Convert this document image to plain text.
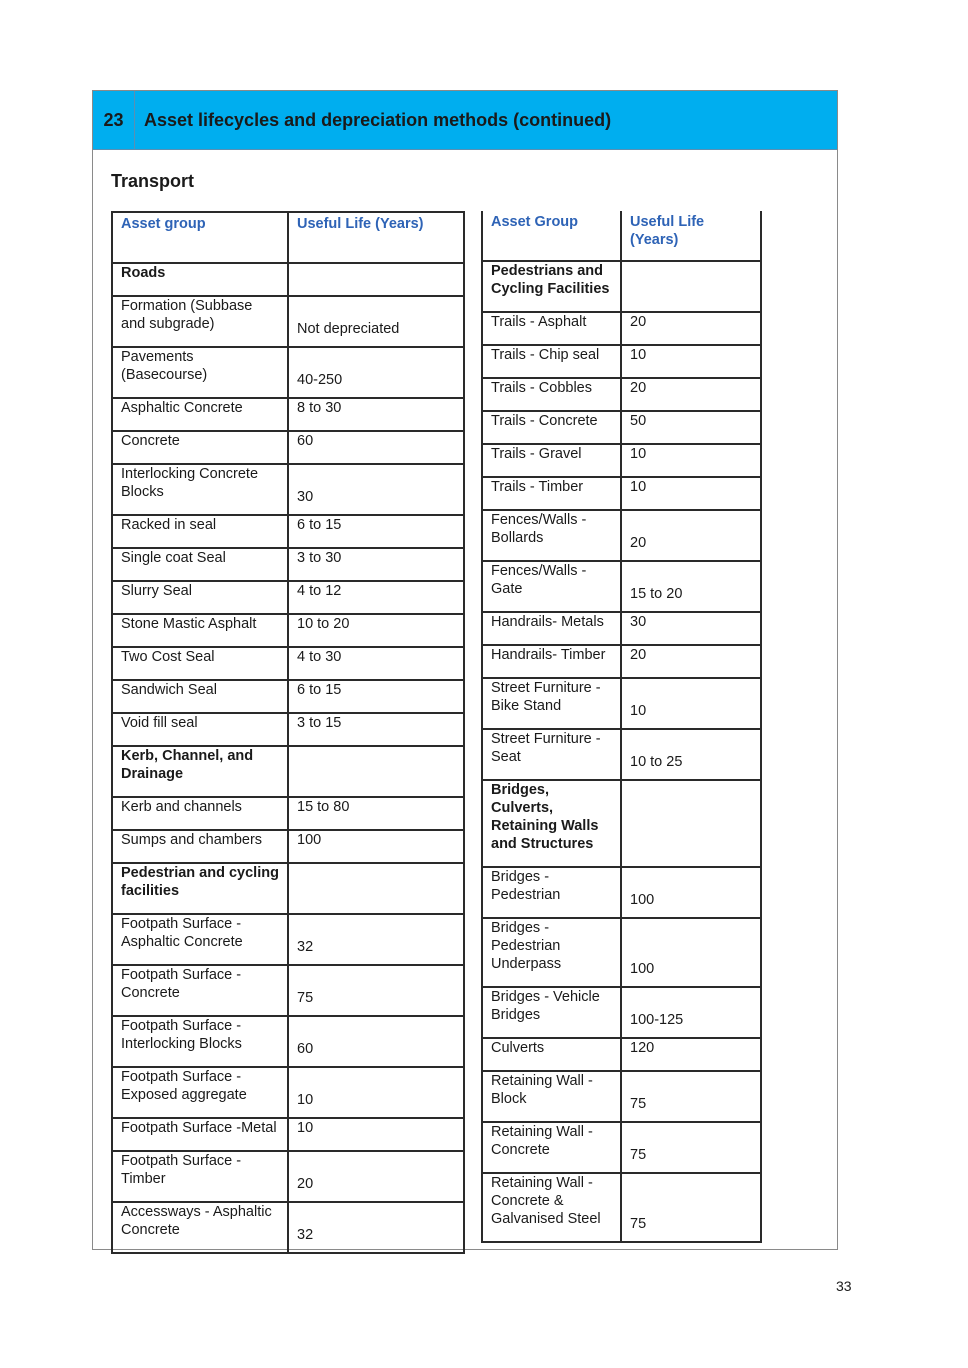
23	Asset lifecycles and depreciation methods (continued)
Transport
Asset group	Useful Life (Years)
Roads	
Formation (Subbase and subgrade)	Not depreciated
Pavements (Basecourse)	40-250
Asphaltic Concrete	8 to 30
Concrete	60
Interlocking Concrete Blocks	30
Racked in seal	6 to 15
Single coat Seal	3 to 30
Slurry Seal	4 to 12
Stone Mastic Asphalt	10 to 20
Two Cost Seal	4 to 30
Sandwich Seal	6 to 15
Void fill seal	3 to 15
Kerb, Channel, and Drainage	
Kerb and channels	15 to 80
Sumps and chambers	100
Pedestrian and cycling facilities	
Footpath Surface - Asphaltic Concrete	32
Footpath Surface - Concrete	75
Footpath Surface - Interlocking Blocks	60
Footpath Surface - Exposed aggregate	10
Footpath Surface -Metal	10
Footpath Surface - Timber	20
Accessways - Asphaltic Concrete	32
Asset Group	Useful Life (Years)
Pedestrians and Cycling Facilities	
Trails - Asphalt	20
Trails - Chip seal	10
Trails - Cobbles	20
Trails - Concrete	50
Trails - Gravel	10
Trails - Timber	10
Fences/Walls - Bollards	20
Fences/Walls - Gate	15 to 20
Handrails- Metals	30
Handrails- Timber	20
Street Furniture - Bike Stand	10
Street Furniture - Seat	10 to 25
Bridges, Culverts, Retaining Walls and Structures	
Bridges - Pedestrian	100
Bridges - Pedestrian Underpass	100
Bridges - Vehicle Bridges	100-125
Culverts	120
Retaining Wall - Block	75
Retaining Wall - Concrete	75
Retaining Wall - Concrete & Galvanised Steel	75
33
